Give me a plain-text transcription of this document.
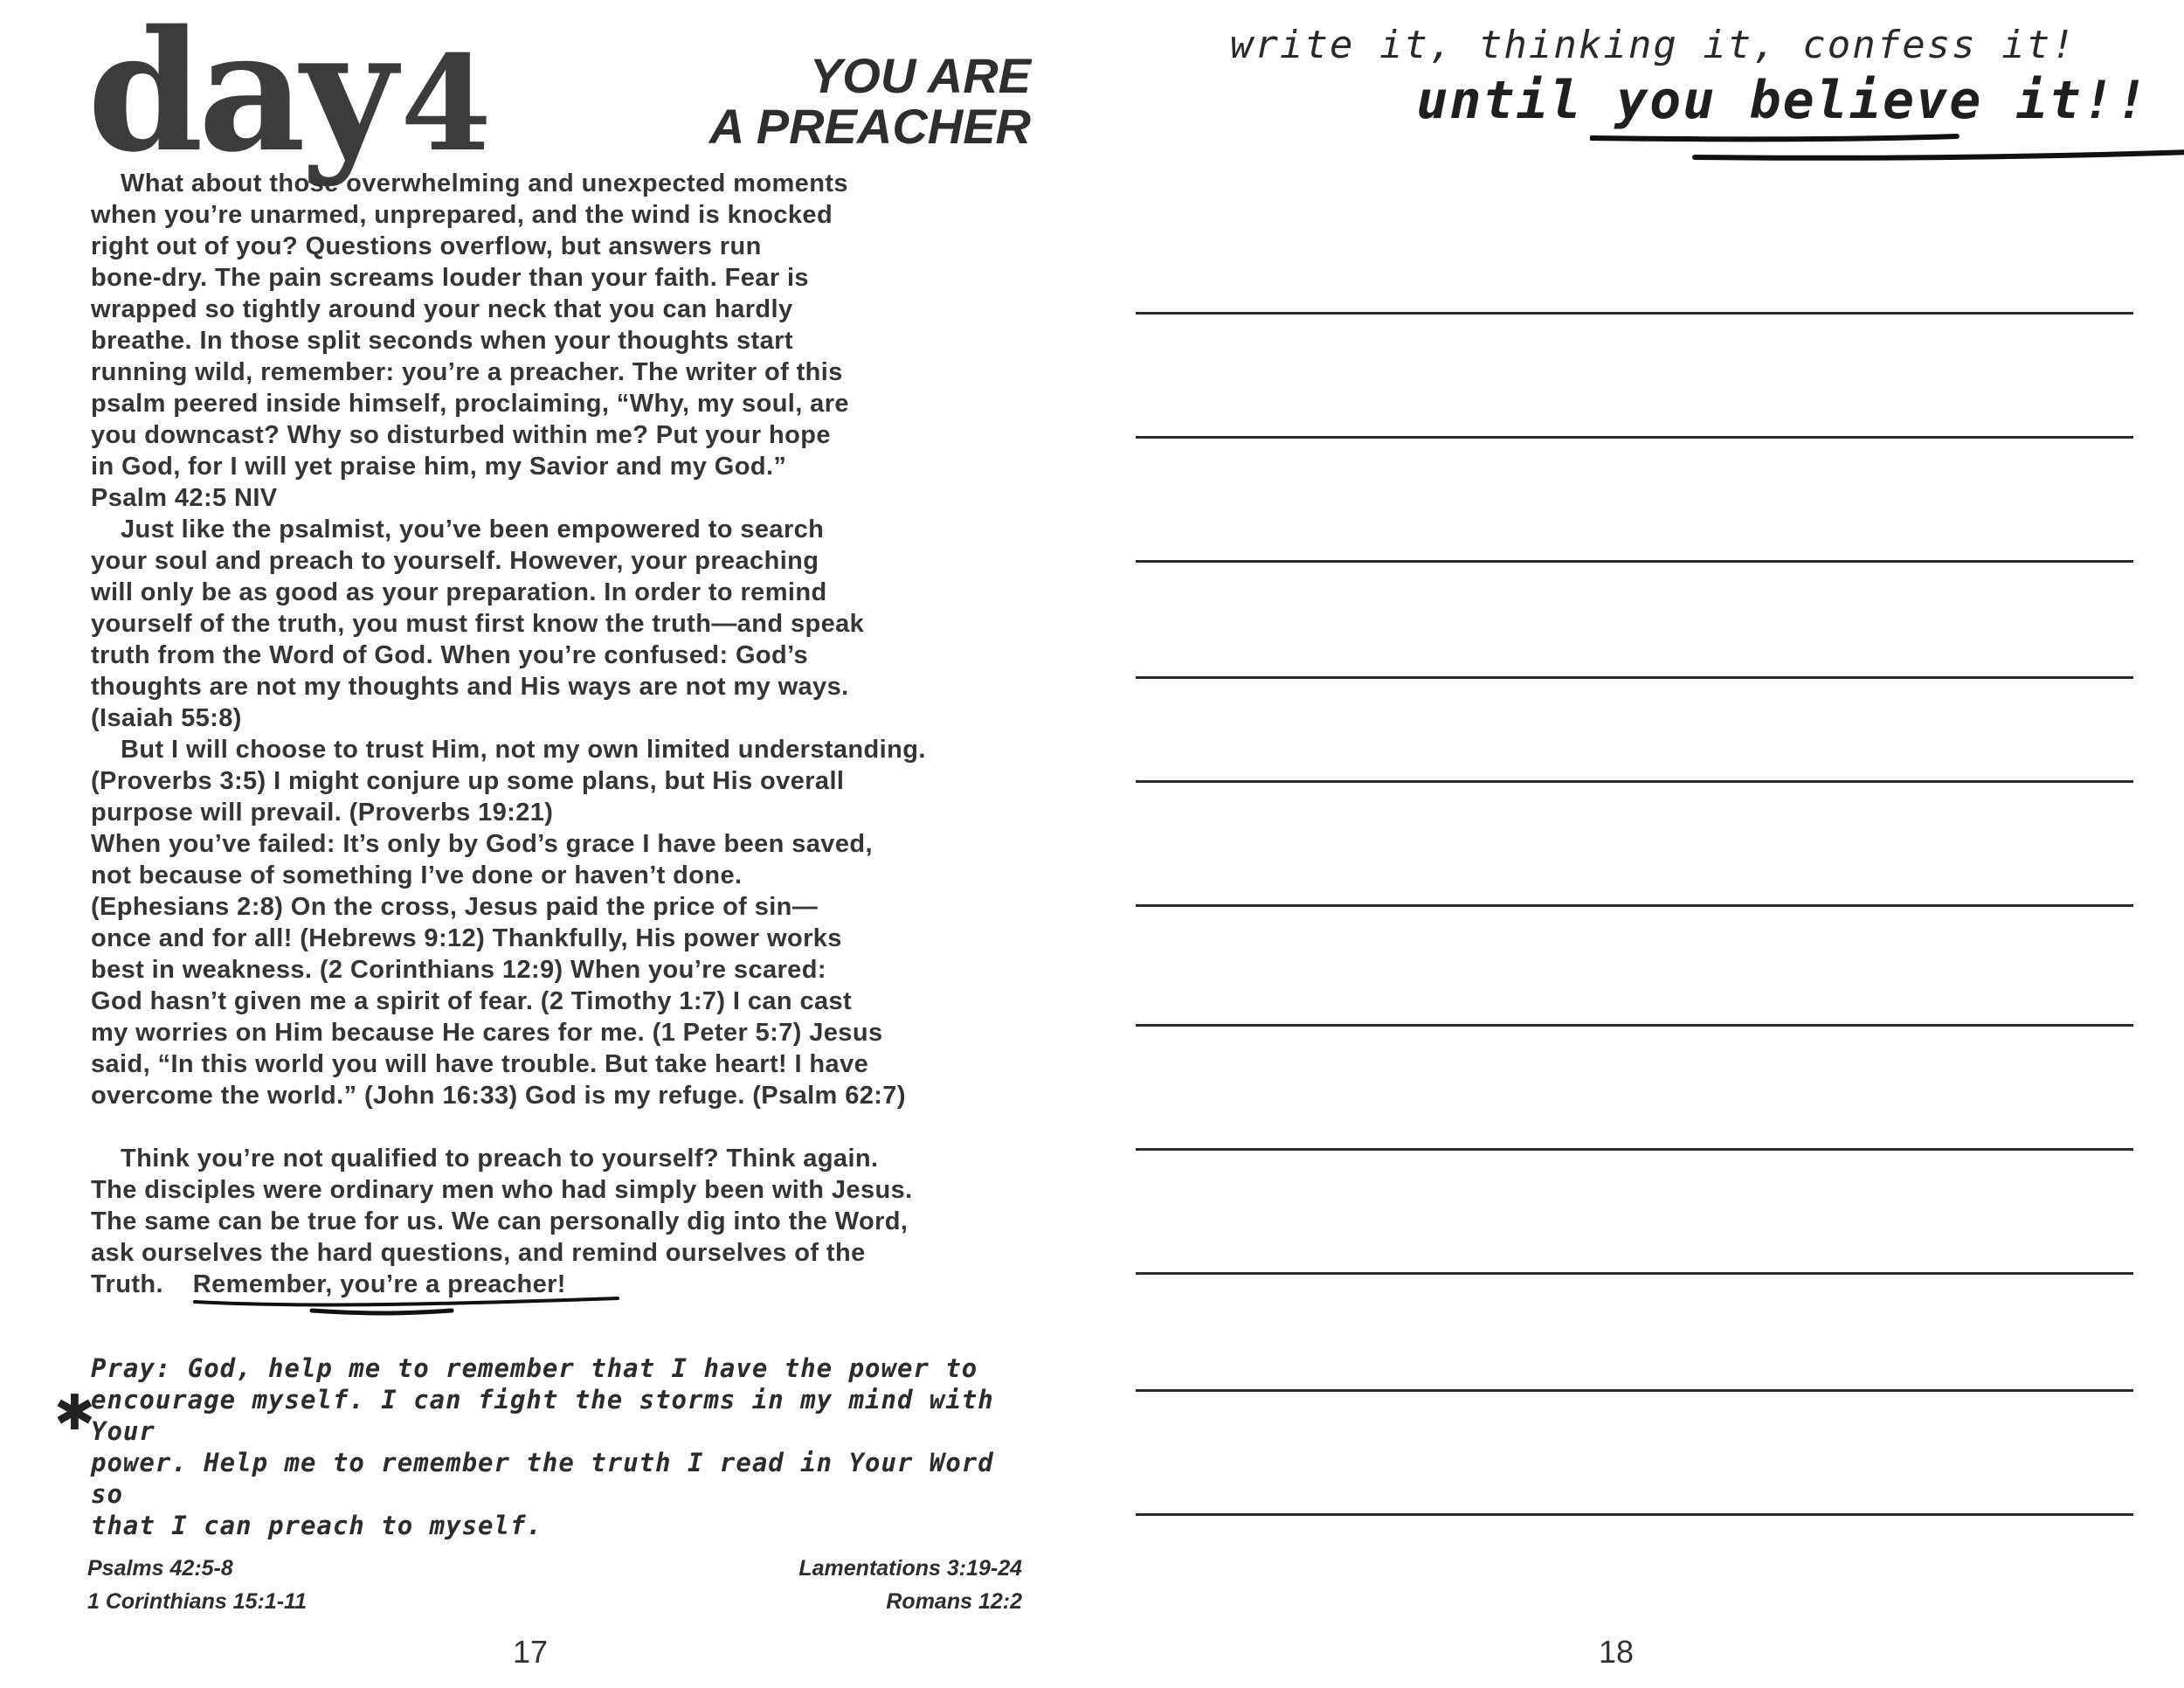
day4	YOU ARE
A PREACHER

What about those overwhelming and unexpected moments

when you’re unarmed, unprepared, and the wind is knocked

right out of you? Questions overflow, but answers run

bone-dry. The pain screams louder than your faith. Fear is

wrapped so tightly around your neck that you can hardly

breathe. In those split seconds when your thoughts start

running wild, remember: you’re a preacher. The writer of this

psalm peered inside himself, proclaiming, “Why, my soul, are

you downcast? Why so disturbed within me? Put your hope

in God, for I will yet praise him, my Savior and my God.”

Psalm 42:5 NIV

Just like the psalmist, you’ve been empowered to search

your soul and preach to yourself. However, your preaching

will only be as good as your preparation. In order to remind

yourself of the truth, you must first know the truth—and speak

truth from the Word of God. When you’re confused: God’s

thoughts are not my thoughts and His ways are not my ways.

(Isaiah 55:8)

But I will choose to trust Him, not my own limited understanding.

(Proverbs 3:5) I might conjure up some plans, but His overall

purpose will prevail. (Proverbs 19:21)

When you’ve failed: It’s only by God’s grace I have been saved,

not because of something I’ve done or haven’t done.

(Ephesians 2:8) On the cross, Jesus paid the price of sin—

once and for all! (Hebrews 9:12) Thankfully, His power works

best in weakness. (2 Corinthians 12:9) When you’re scared:

God hasn’t given me a spirit of fear. (2 Timothy 1:7) I can cast

my worries on Him because He cares for me. (1 Peter 5:7) Jesus

said, “In this world you will have trouble. But take heart! I have

overcome the world.” (John 16:33) God is my refuge. (Psalm 62:7)

Think you’re not qualified to preach to yourself? Think again.

The disciples were ordinary men who had simply been with Jesus.

The same can be true for us. We can personally dig into the Word,

ask ourselves the hard questions, and remind ourselves of the

Truth. Remember, you’re a preacher!

✱
Pray: God, help me to remember that I have the power to
encourage myself. I can fight the storms in my mind with Your
power. Help me to remember the truth I read in Your Word so
that I can preach to myself.
Psalms 42:5-8
1 Corinthians 15:1-11
Lamentations 3:19-24
Romans 12:2
17
write it, thinking it, confess it!
until you believe it!!
18
